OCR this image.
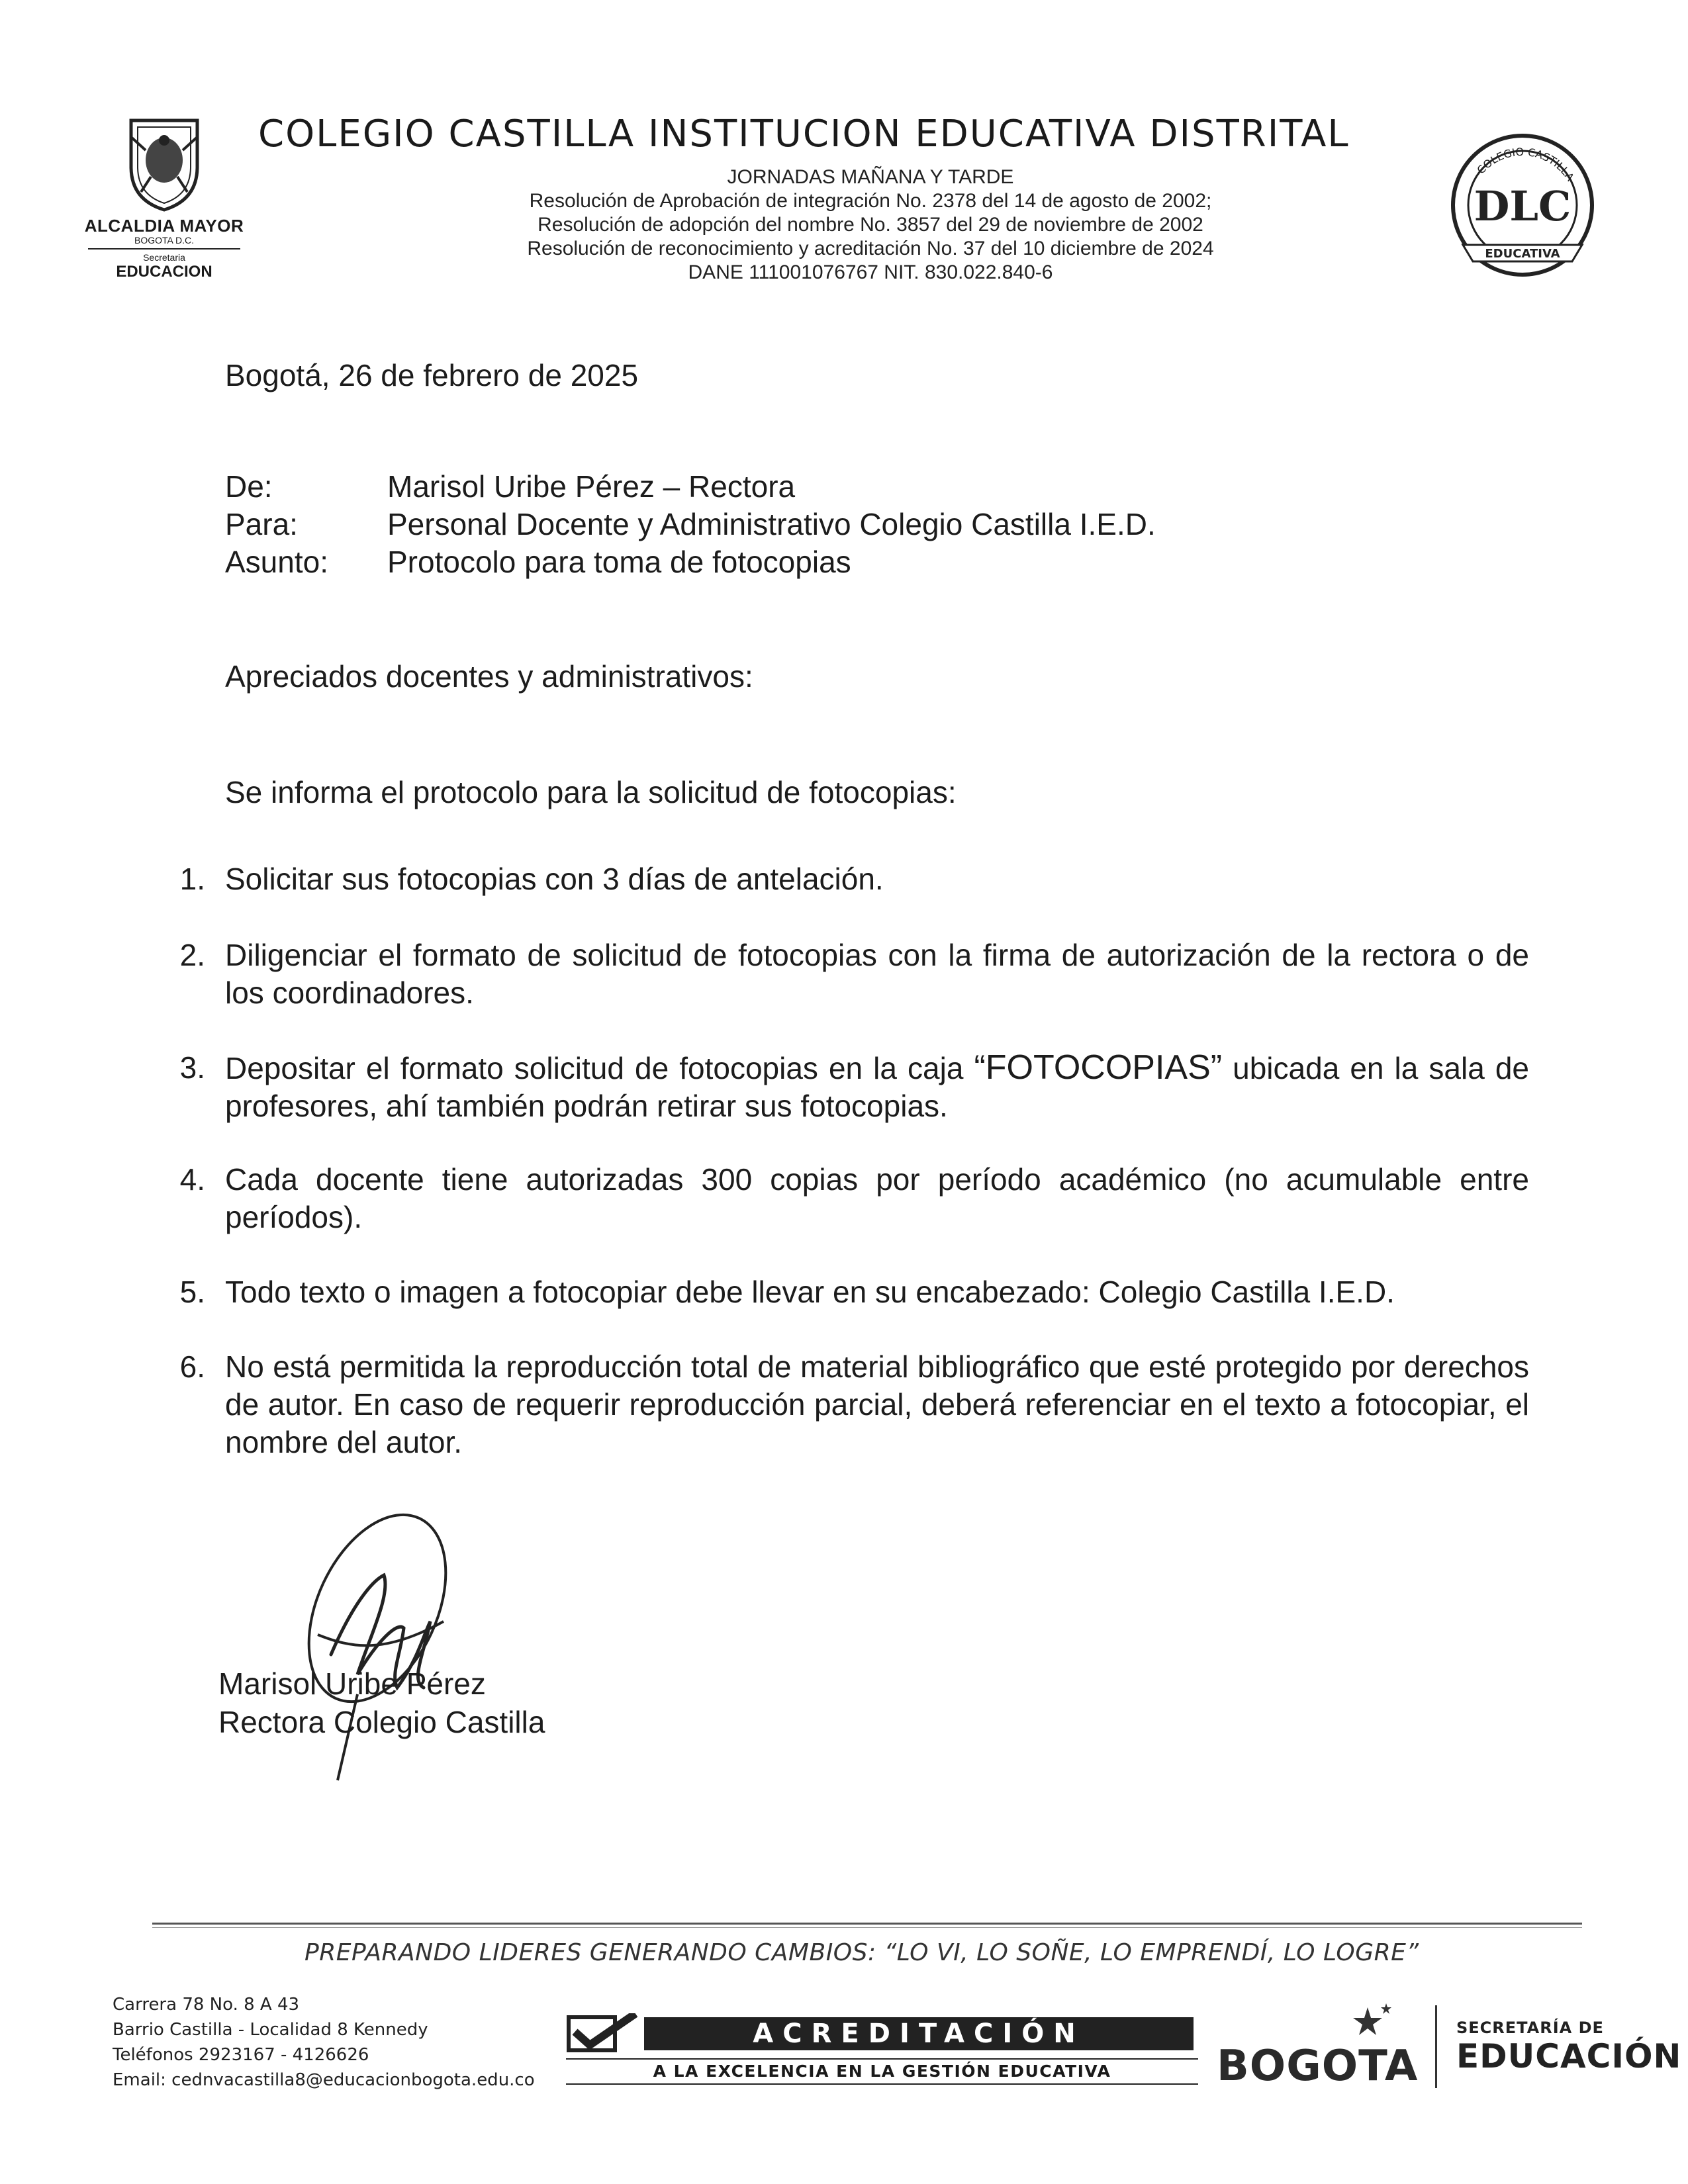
ALCALDIA MAYOR
BOGOTA D.C.
Secretaria
EDUCACION
COLEGIO CASTILLA INSTITUCION EDUCATIVA DISTRITAL
JORNADAS MAÑANA Y TARDE
Resolución de Aprobación de integración No. 2378 del 14 de agosto de 2002;
Resolución de adopción del nombre No. 3857 del 29 de noviembre de 2002
Resolución de reconocimiento y acreditación No. 37 del 10 diciembre de 2024
DANE 111001076767 NIT. 830.022.840-6
COLEGIO CASTILLA
DLC
EDUCATIVA
Bogotá, 26 de febrero de 2025
De:	Marisol Uribe Pérez – Rectora
Para:	Personal Docente y Administrativo Colegio Castilla I.E.D.
Asunto: Protocolo para toma de fotocopias
Apreciados docentes y administrativos:
Se informa el protocolo para la solicitud de fotocopias:
1. Solicitar sus fotocopias con 3 días de antelación.
2. Diligenciar el formato de solicitud de fotocopias con la firma de autorización de la rectora o de los coordinadores.
3. Depositar el formato solicitud de fotocopias en la caja “FOTOCOPIAS” ubicada en la sala de profesores, ahí también podrán retirar sus fotocopias.
4. Cada docente tiene autorizadas 300 copias por período académico (no acumulable entre períodos).
5. Todo texto o imagen a fotocopiar debe llevar en su encabezado: Colegio Castilla I.E.D.
6. No está permitida la reproducción total de material bibliográfico que esté protegido por derechos de autor. En caso de requerir reproducción parcial, deberá referenciar en el texto a fotocopiar, el nombre del autor.
Marisol Uribe Pérez
Rectora Colegio Castilla
PREPARANDO LIDERES GENERANDO CAMBIOS: “LO VI, LO SOÑE, LO EMPRENDÍ, LO LOGRE”
Carrera 78 No. 8 A 43
Barrio Castilla - Localidad 8 Kennedy
Teléfonos 2923167 - 4126626
Email: cednvacastilla8@educacionbogota.edu.co
ACREDITACIÓN
A LA EXCELENCIA EN LA GESTIÓN EDUCATIVA	BOGOTA
SECRETARÍA DE
EDUCACIÓN
